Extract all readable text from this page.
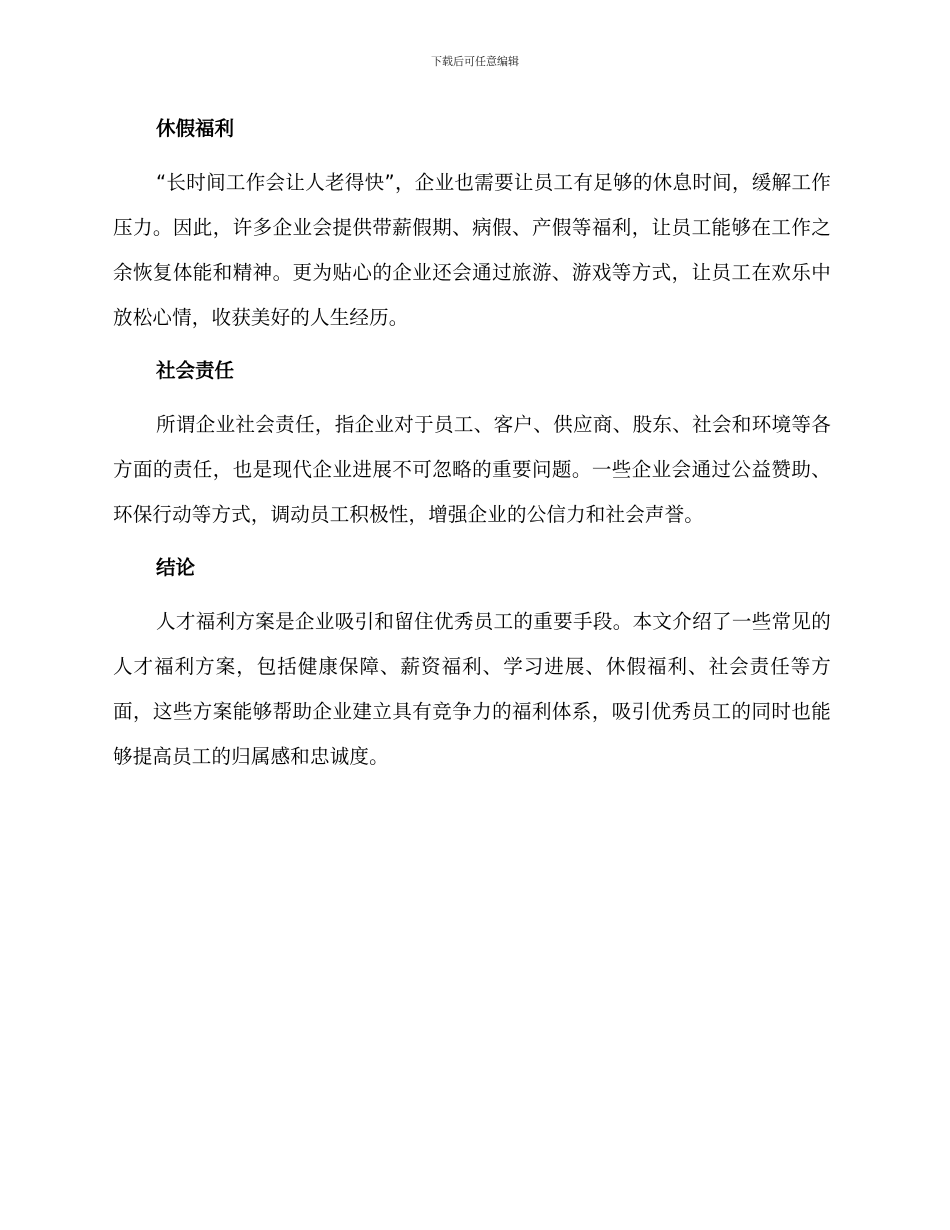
下载后可任意编辑
休假福利

“长时间工作会让人老得快”，企业也需要让员工有足够的休息时间，缓解工作压力。因此，许多企业会提供带薪假期、病假、产假等福利，让员工能够在工作之余恢复体能和精神。更为贴心的企业还会通过旅游、游戏等方式，让员工在欢乐中放松心情，收获美好的人生经历。

社会责任

所谓企业社会责任，指企业对于员工、客户、供应商、股东、社会和环境等各方面的责任，也是现代企业进展不可忽略的重要问题。一些企业会通过公益赞助、环保行动等方式，调动员工积极性，增强企业的公信力和社会声誉。

结论

人才福利方案是企业吸引和留住优秀员工的重要手段。本文介绍了一些常见的人才福利方案，包括健康保障、薪资福利、学习进展、休假福利、社会责任等方面，这些方案能够帮助企业建立具有竞争力的福利体系，吸引优秀员工的同时也能够提高员工的归属感和忠诚度。
